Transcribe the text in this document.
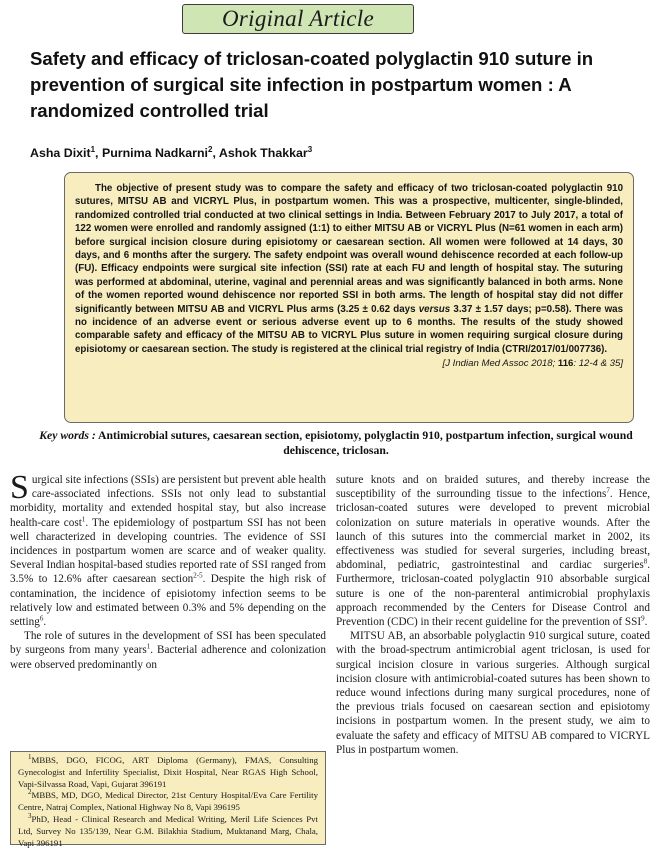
Original Article
Safety and efficacy of triclosan-coated polyglactin 910 suture in prevention of surgical site infection in postpartum women : A randomized controlled trial
Asha Dixit$^1$, Purnima Nadkarni$^2$, Ashok Thakkar$^3$

The objective of present study was to compare the safety and efficacy of two triclosan-coated polyglactin 910 sutures, MITSU AB and VICRYL Plus, in postpartum women. This was a prospective, multicenter, single-blinded, randomized controlled trial conducted at two clinical settings in India. Between February 2017 to July 2017, a total of 122 women were enrolled and randomly assigned (1:1) to either MITSU AB or VICRYL Plus (N=61 women in each arm) before surgical incision closure during episiotomy or caesarean section. All women were followed at 14 days, 30 days, and 6 months after the surgery. The safety endpoint was overall wound dehiscence recorded at each follow-up (FU). Efficacy endpoints were surgical site infection (SSI) rate at each FU and length of hospital stay. The suturing was performed at abdominal, uterine, vaginal and perennial areas and was significantly balanced in both arms. None of the women reported wound dehiscence nor reported SSI in both arms. The length of hospital stay did not differ significantly between MITSU AB and VICRYL Plus arms (3.25 ± 0.62 days versus 3.37 ± 1.57 days; p=0.58). There was no incidence of an adverse event or serious adverse event up to 6 months. The results of the study showed comparable safety and efficacy of the MITSU AB to VICRYL Plus suture in women requiring surgical closure during episiotomy or caesarean section. The study is registered at the clinical trial registry of India (CTRI/2017/01/007736).

[J Indian Med Assoc 2018; 116: 12-4 & 35]
Key words : Antimicrobial sutures, caesarean section, episiotomy, polyglactin 910, postpartum infection, surgical wound dehiscence, triclosan.

Surgical site infections (SSIs) are persistent but prevent able health care-associated infections. SSIs not only lead to substantial morbidity, mortality and extended hospital stay, but also increase health-care cost$^1$. The epidemiology of postpartum SSI has not been well characterized in developing countries. The evidence of SSI incidences in postpartum women are scarce and of weaker quality. Several Indian hospital-based studies reported rate of SSI ranged from 3.5% to 12.6% after caesarean section$^{2-5}$. Despite the high risk of contamination, the incidence of episiotomy infection seems to be relatively low and estimated between 0.3% and 5% depending on the setting$^6$.

The role of sutures in the development of SSI has been speculated by surgeons from many years$^1$. Bacterial adherence and colonization were observed predominantly on

$^1$MBBS, DGO, FICOG, ART Diploma (Germany), FMAS, Consulting Gynecologist and Infertility Specialist, Dixit Hospital, Near RGAS High School, Vapi-Silvassa Road, Vapi, Gujarat 396191

$^2$MBBS, MD, DGO, Medical Director, 21st Century Hospital/Eva Care Fertility Centre, Natraj Complex, National Highway No 8, Vapi 396195

$^3$PhD, Head - Clinical Research and Medical Writing, Meril Life Sciences Pvt Ltd, Survey No 135/139, Near G.M. Bilakhia Stadium, Muktanand Marg, Chala, Vapi 396191

suture knots and on braided sutures, and thereby increase the susceptibility of the surrounding tissue to the infections$^7$. Hence, triclosan-coated sutures were developed to prevent microbial colonization on suture materials in operative wounds. After the launch of this sutures into the commercial market in 2002, its effectiveness was studied for several surgeries, including breast, abdominal, pediatric, gastrointestinal and cardiac surgeries$^8$. Furthermore, triclosan-coated polyglactin 910 absorbable surgical suture is one of the non-parenteral antimicrobial prophylaxis approach recommended by the Centers for Disease Control and Prevention (CDC) in their recent guideline for the prevention of SSI$^9$.

MITSU AB, an absorbable polyglactin 910 surgical suture, coated with the broad-spectrum antimicrobial agent triclosan, is used for surgical incision closure in various surgeries. Although surgical incision closure with antimicrobial-coated sutures has been shown to reduce wound infections during many surgical procedures, none of the previous trials focused on caesarean section and episiotomy incisions in postpartum women. In the present study, we aim to evaluate the safety and efficacy of MITSU AB compared to VICRYL Plus in postpartum women.
